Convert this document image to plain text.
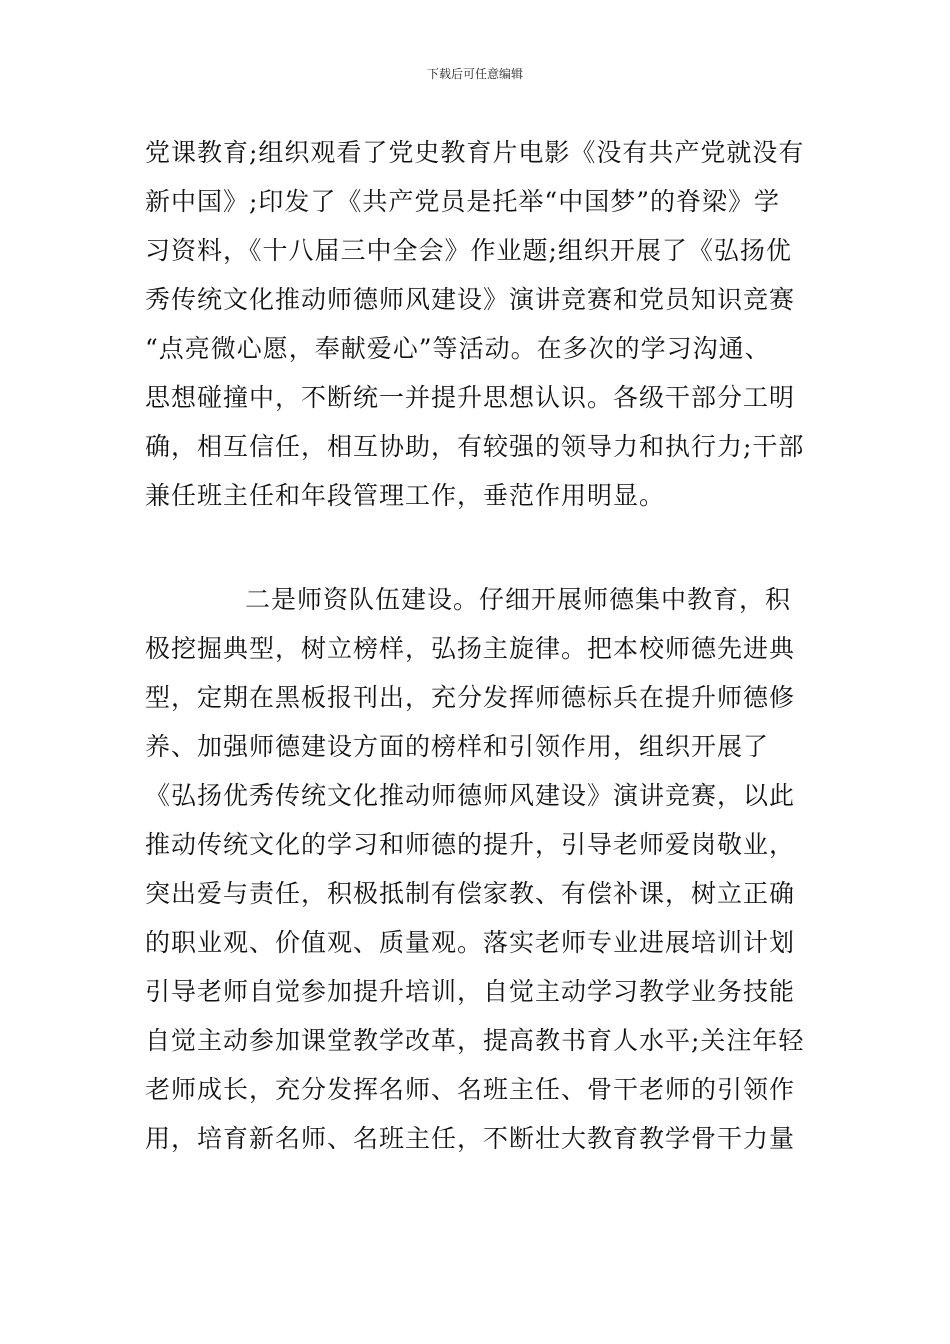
下载后可任意编辑
党课教育;组织观看了党史教育片电影《没有共产党就没有
新中国》;印发了《共产党员是托举“中国梦”的脊梁》学
习资料，《十八届三中全会》作业题;组织开展了《弘扬优
秀传统文化推动师德师风建设》演讲竞赛和党员知识竞赛
“点亮微心愿，奉献爱心”等活动。在多次的学习沟通、
思想碰撞中，不断统一并提升思想认识。各级干部分工明
确，相互信任，相互协助，有较强的领导力和执行力;干部
兼任班主任和年段管理工作，垂范作用明显。
二是师资队伍建设。仔细开展师德集中教育，积
极挖掘典型，树立榜样，弘扬主旋律。把本校师德先进典
型，定期在黑板报刊出，充分发挥师德标兵在提升师德修
养、加强师德建设方面的榜样和引领作用，组织开展了
《弘扬优秀传统文化推动师德师风建设》演讲竞赛，以此
推动传统文化的学习和师德的提升，引导老师爱岗敬业，
突出爱与责任，积极抵制有偿家教、有偿补课，树立正确
的职业观、价值观、质量观。落实老师专业进展培训计划
引导老师自觉参加提升培训，自觉主动学习教学业务技能
自觉主动参加课堂教学改革，提高教书育人水平;关注年轻
老师成长，充分发挥名师、名班主任、骨干老师的引领作
用，培育新名师、名班主任，不断壮大教育教学骨干力量
